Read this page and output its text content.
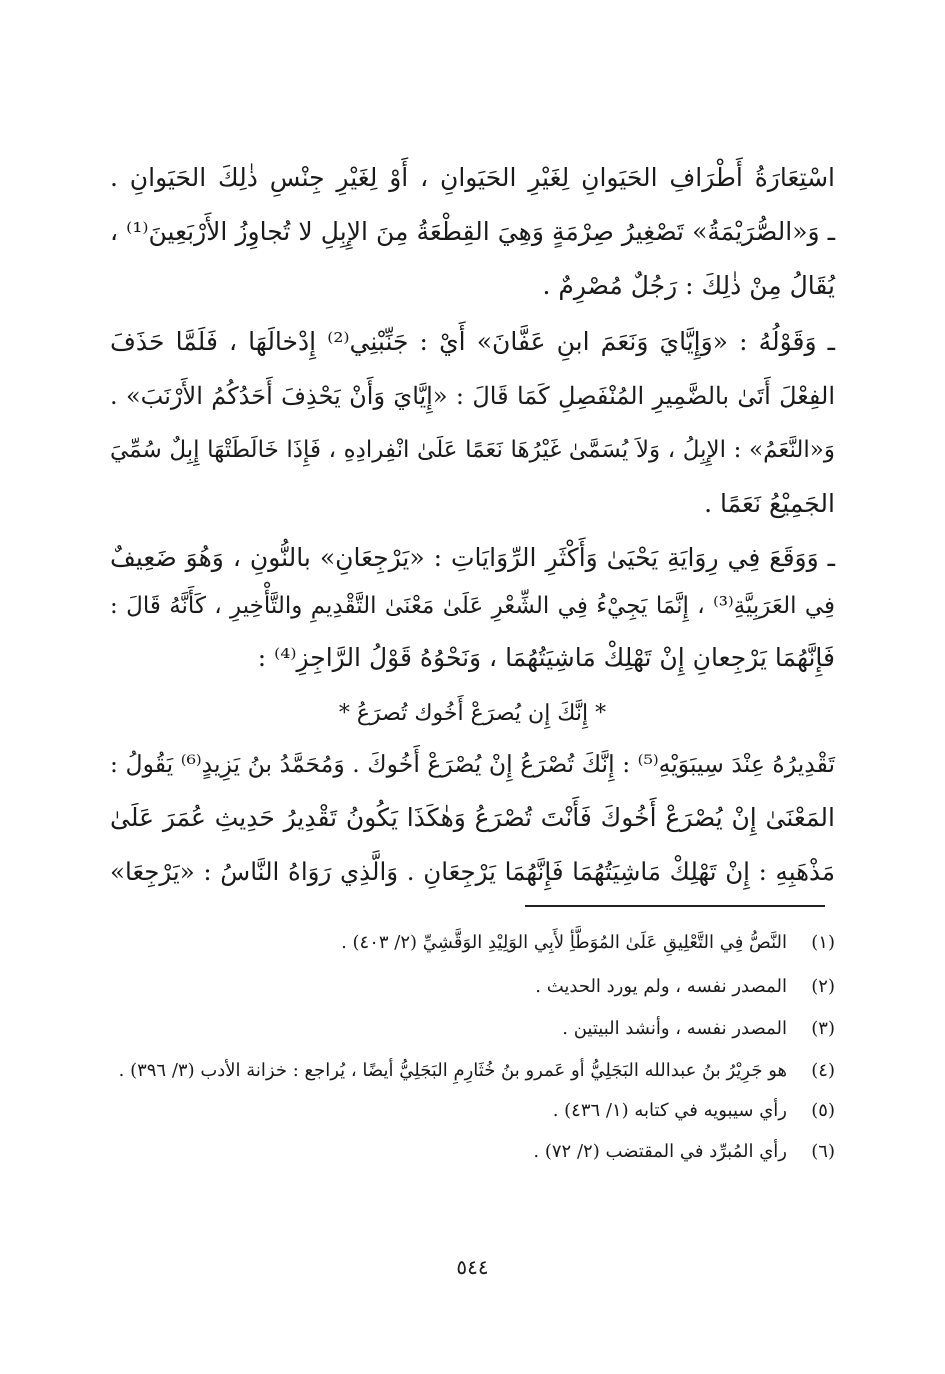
اسْتِعَارَةُ أَطْرَافِ الحَيَوانِ لِغَيْرِ الحَيَوانِ ، أَوْ لِغَيْرِ جِنْسِ ذٰلِكَ الحَيَوانِ .
ـ وَ«الصُّرَيْمَةُ» تَصْغِيرُ صِرْمَةٍ وَهِيَ القِطْعَةُ مِنَ الإِبِلِ لا تُجاوِزُ الأَرْبَعِينَ⁽¹⁾ ،
يُقَالُ مِنْ ذٰلِكَ : رَجُلٌ مُصْرِمٌ .
ـ وَقَوْلُهُ : «وَإِيَّايَ وَنَعَمَ ابنِ عَفَّانَ» أَيْ : جَنِّبْنِي⁽²⁾ إِدْخالَهَا ، فَلَمَّا حَذَفَ
الفِعْلَ أَتَىٰ بالضَّمِيرِ المُنْفَصِلِ كَمَا قَالَ : «إِيَّايَ وَأَنْ يَحْذِفَ أَحَدُكُمُ الأَرْنَبَ» .
وَ«النَّعَمُ» : الإِبِلُ ، وَلاَ يُسَمَّىٰ غَيْرُهَا نَعَمًا عَلَىٰ انْفِرادِهِ ، فَإِذَا خَالَطَتْهَا إِبِلٌ سُمِّيَ
الجَمِيْعُ نَعَمًا .
ـ وَوَقَعَ فِي رِوَايَةِ يَحْيَىٰ وَأَكْثَرِ الرِّوَايَاتِ : «يَرْجِعَانِ» بالنُّونِ ، وَهُوَ ضَعِيفٌ
فِي العَرَبِيَّةِ⁽³⁾ ، إِنَّمَا يَجِيْءُ فِي الشِّعْرِ عَلَىٰ مَعْنَىٰ التَّقْدِيمِ والتَّأْخِيرِ ، كَأَنَّهُ قَالَ :
فَإِنَّهُمَا يَرْجِعانِ إِنْ تَهْلِكْ مَاشِيَتُهُمَا ، وَنَحْوُهُ قَوْلُ الرَّاجِزِ⁽⁴⁾ :
* إِنَّكَ إِن يُصرَعْ أَخُوك تُصرَعُ *
تَقْدِيرُهُ عِنْدَ سِيبَوَيْهِ⁽⁵⁾ : إِنَّكَ تُصْرَعُ إِنْ يُصْرَعْ أَخُوكَ . وَمُحَمَّدُ بنُ يَزِيدٍ⁽⁶⁾ يَقُولُ :
المَعْنَىٰ إِنْ يُصْرَعْ أَخُوكَ فَأَنْتَ تُصْرَعُ وَهٰكَذَا يَكُونُ تَقْدِيرُ حَدِيثِ عُمَرَ عَلَىٰ
مَذْهَبِهِ : إِنْ تَهْلِكْ مَاشِيَتُهُمَا فَإِنَّهُمَا يَرْجِعَانِ . وَالَّذِي رَوَاهُ النَّاسُ : «يَرْجِعَا»
(١)النَّصُّ فِي التَّعْلِيقِ عَلَىٰ المُوَطَّأِ لأَبِي الوَلِيْدِ الوَقَّشِيِّ (٢/ ٤٠٣) .
(٢)المصدر نفسه ، ولم يورد الحديث .
(٣)المصدر نفسه ، وأنشد البيتين .
(٤)هو جَرِيْرُ بنُ عبدالله البَجَلِيُّ أو عَمرو بنُ خُثَارِمِ البَجَلِيُّ أيضًا ، يُراجع : خزانة الأدب (٣/ ٣٩٦) .
(٥)رأي سيبويه في كتابه (١/ ٤٣٦) .
(٦)رأي المُبرِّد في المقتضب (٢/ ٧٢) .
٥٤٤
